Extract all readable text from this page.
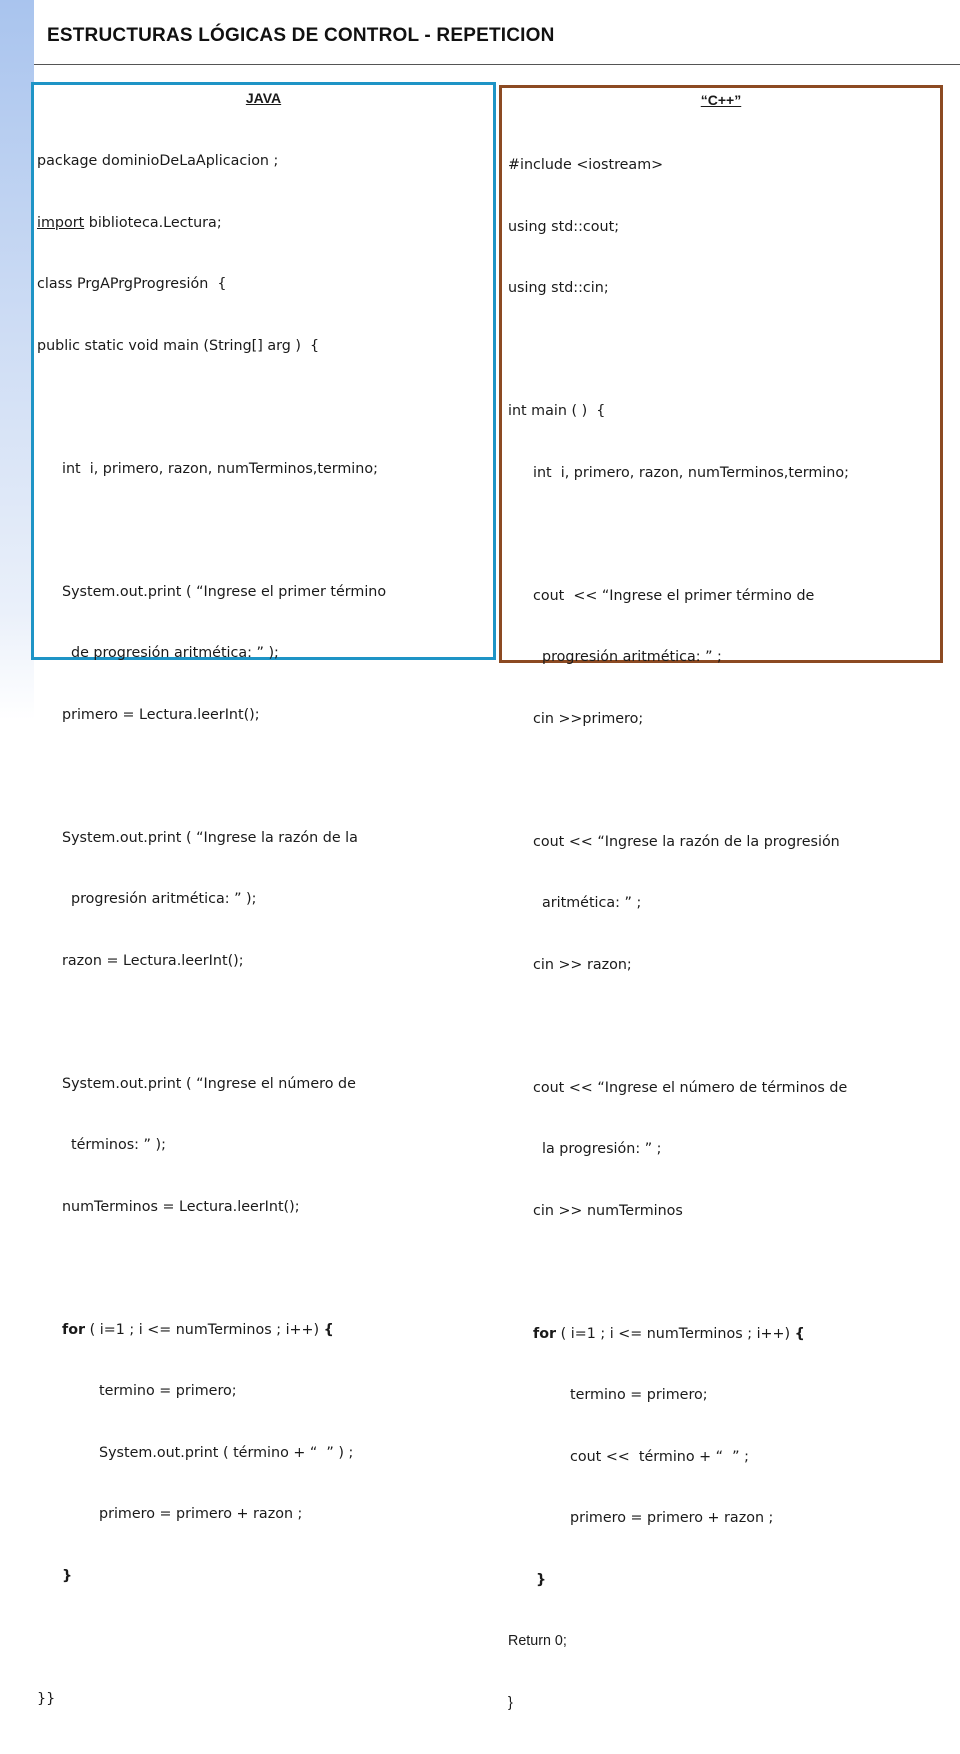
ESTRUCTURAS LÓGICAS DE CONTROL - REPETICION
JAVA

package dominioDeLaAplicacion ;

import biblioteca.Lectura;

class PrgAPrgProgresión  {

public static void main (String[] arg )  {

int  i, primero, razon, numTerminos,termino;

System.out.print ( “Ingrese el primer término

de progresión aritmética: ” );

primero = Lectura.leerInt();

System.out.print ( “Ingrese la razón de la

progresión aritmética: ” );

razon = Lectura.leerInt();

System.out.print ( “Ingrese el número de

términos: ” );

numTerminos = Lectura.leerInt();

for ( i=1 ; i <= numTerminos ; i++) {

termino = primero;

System.out.print ( término + “  ” ) ;

primero = primero + razon ;

}

}}

“C++”

#include <iostream>

using std::cout;

using std::cin;

int main ( )  {

int  i, primero, razon, numTerminos,termino;

cout  << “Ingrese el primer término de

progresión aritmética: ” ;

cin >>primero;

cout << “Ingrese la razón de la progresión

aritmética: ” ;

cin >> razon;

cout << “Ingrese el número de términos de

la progresión: ” ;

cin >> numTerminos

for ( i=1 ; i <= numTerminos ; i++) {

termino = primero;

cout <<  término + “  ” ;

primero = primero + razon ;

}

Return 0;

}
